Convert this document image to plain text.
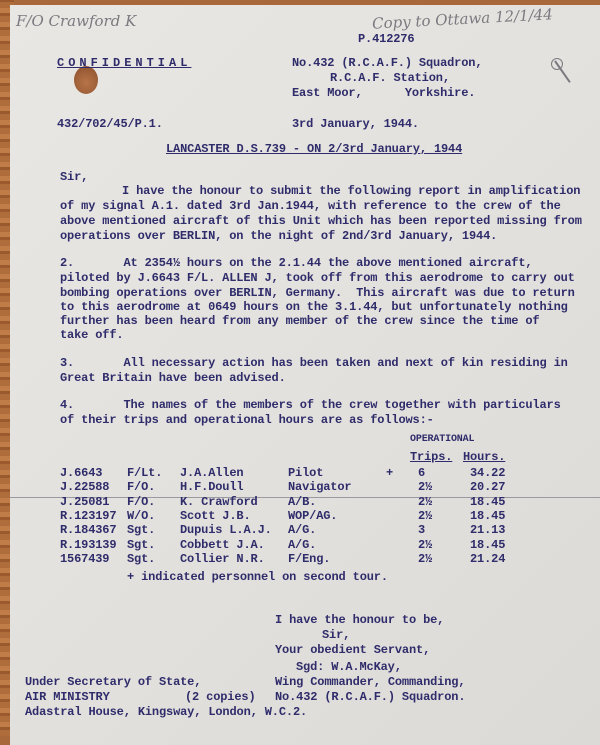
F/O Crawford K	Copy to Ottawa 12/1/44
P.412276
CONFIDENTIAL	No.432 (R.C.A.F.) Squadron,
R.C.A.F. Station,
East Moor,      Yorkshire.
432/702/45/P.1.	3rd January, 1944.
LANCASTER D.S.739 - ON 2/3rd January, 1944
Sir,
I have the honour to submit the following report in amplification
of my signal A.1. dated 3rd Jan.1944, with reference to the crew of the
above mentioned aircraft of this Unit which has been reported missing from
operations over BERLIN, on the night of 2nd/3rd January, 1944.
2.       At 2354½ hours on the 2.1.44 the above mentioned aircraft,
piloted by J.6643 F/L. ALLEN J, took off from this aerodrome to carry out
bombing operations over BERLIN, Germany.  This aircraft was due to return
to this aerodrome at 0649 hours on the 3.1.44, but unfortunately nothing
further has been heard from any member of the crew since the time of
take off.
3.       All necessary action has been taken and next of kin residing in
Great Britain have been advised.
4.       The names of the members of the crew together with particulars
of their trips and operational hours are as follows:-
OPERATIONAL
Trips. Hours.
J.6643 F/Lt. J.A.Allen	Pilot	+ 6	34.22
J.22588 F/O. H.F.Doull	Navigator	2½	20.27
J.25081 F/O. K. Crawford	A/B.	2½	18.45
R.123197 W/O. Scott J.B.	WOP/AG.	2½	18.45
R.184367 Sgt. Dupuis L.A.J. A/G.	3	21.13
R.193139 Sgt. Cobbett J.A. A/G.	2½	18.45
1567439 Sgt. Collier N.R. F/Eng.	2½	21.24
+ indicated personnel on second tour.
I have the honour to be,
Sir,
Your obedient Servant,
Sgd: W.A.McKay,
Wing Commander, Commanding,
No.432 (R.C.A.F.) Squadron.
Under Secretary of State,
AIR MINISTRY	(2 copies)
Adastral House, Kingsway, London, W.C.2.
